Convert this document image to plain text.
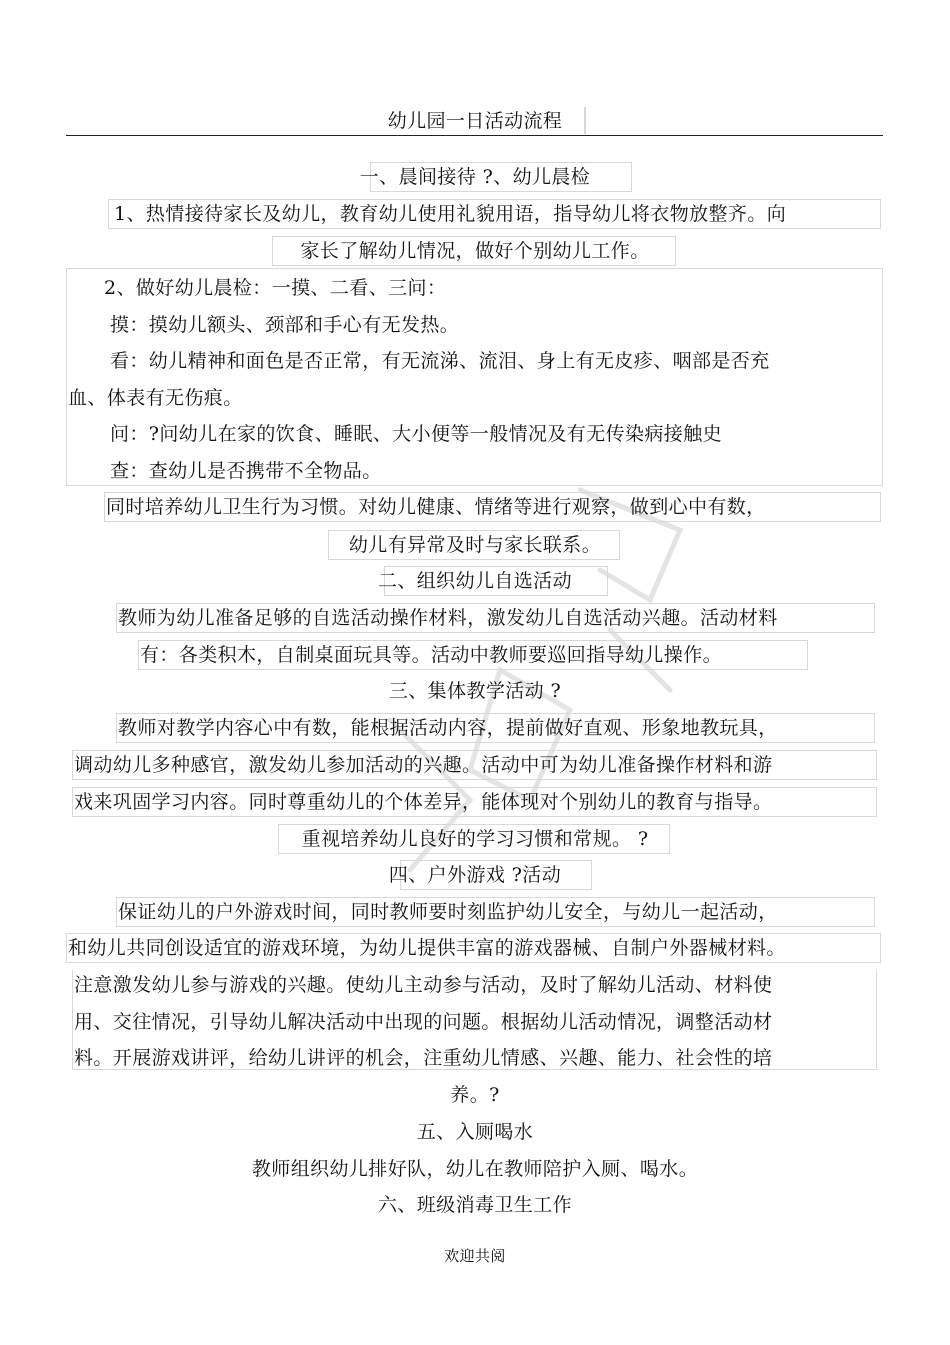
幼儿园一日活动流程
一、晨间接待 ?、幼儿晨检
1、热情接待家长及幼儿，教育幼儿使用礼貌用语，指导幼儿将衣物放整齐。向
家长了解幼儿情况，做好个别幼儿工作。
2、做好幼儿晨检：一摸、二看、三问：
摸：摸幼儿额头、颈部和手心有无发热。
看：幼儿精神和面色是否正常，有无流涕、流泪、身上有无皮疹、咽部是否充
血、体表有无伤痕。
问：?问幼儿在家的饮食、睡眠、大小便等一般情况及有无传染病接触史
查：查幼儿是否携带不全物品。
同时培养幼儿卫生行为习惯。对幼儿健康、情绪等进行观察，做到心中有数，
幼儿有异常及时与家长联系。
二、组织幼儿自选活动
教师为幼儿准备足够的自选活动操作材料，激发幼儿自选活动兴趣。活动材料
有：各类积木，自制桌面玩具等。活动中教师要巡回指导幼儿操作。
三、集体教学活动 ?
教师对教学内容心中有数，能根据活动内容，提前做好直观、形象地教玩具，
调动幼儿多种感官，激发幼儿参加活动的兴趣。活动中可为幼儿准备操作材料和游
戏来巩固学习内容。同时尊重幼儿的个体差异，能体现对个别幼儿的教育与指导。
重视培养幼儿良好的学习习惯和常规。 ?
四、户外游戏 ?活动
保证幼儿的户外游戏时间，同时教师要时刻监护幼儿安全，与幼儿一起活动，
和幼儿共同创设适宜的游戏环境，为幼儿提供丰富的游戏器械、自制户外器械材料。
注意激发幼儿参与游戏的兴趣。使幼儿主动参与活动，及时了解幼儿活动、材料使
用、交往情况，引导幼儿解决活动中出现的问题。根据幼儿活动情况，调整活动材
料。开展游戏讲评，给幼儿讲评的机会，注重幼儿情感、兴趣、能力、社会性的培
养。?
五、入厕喝水
教师组织幼儿排好队，幼儿在教师陪护入厕、喝水。
六、班级消毒卫生工作
欢迎共阅
